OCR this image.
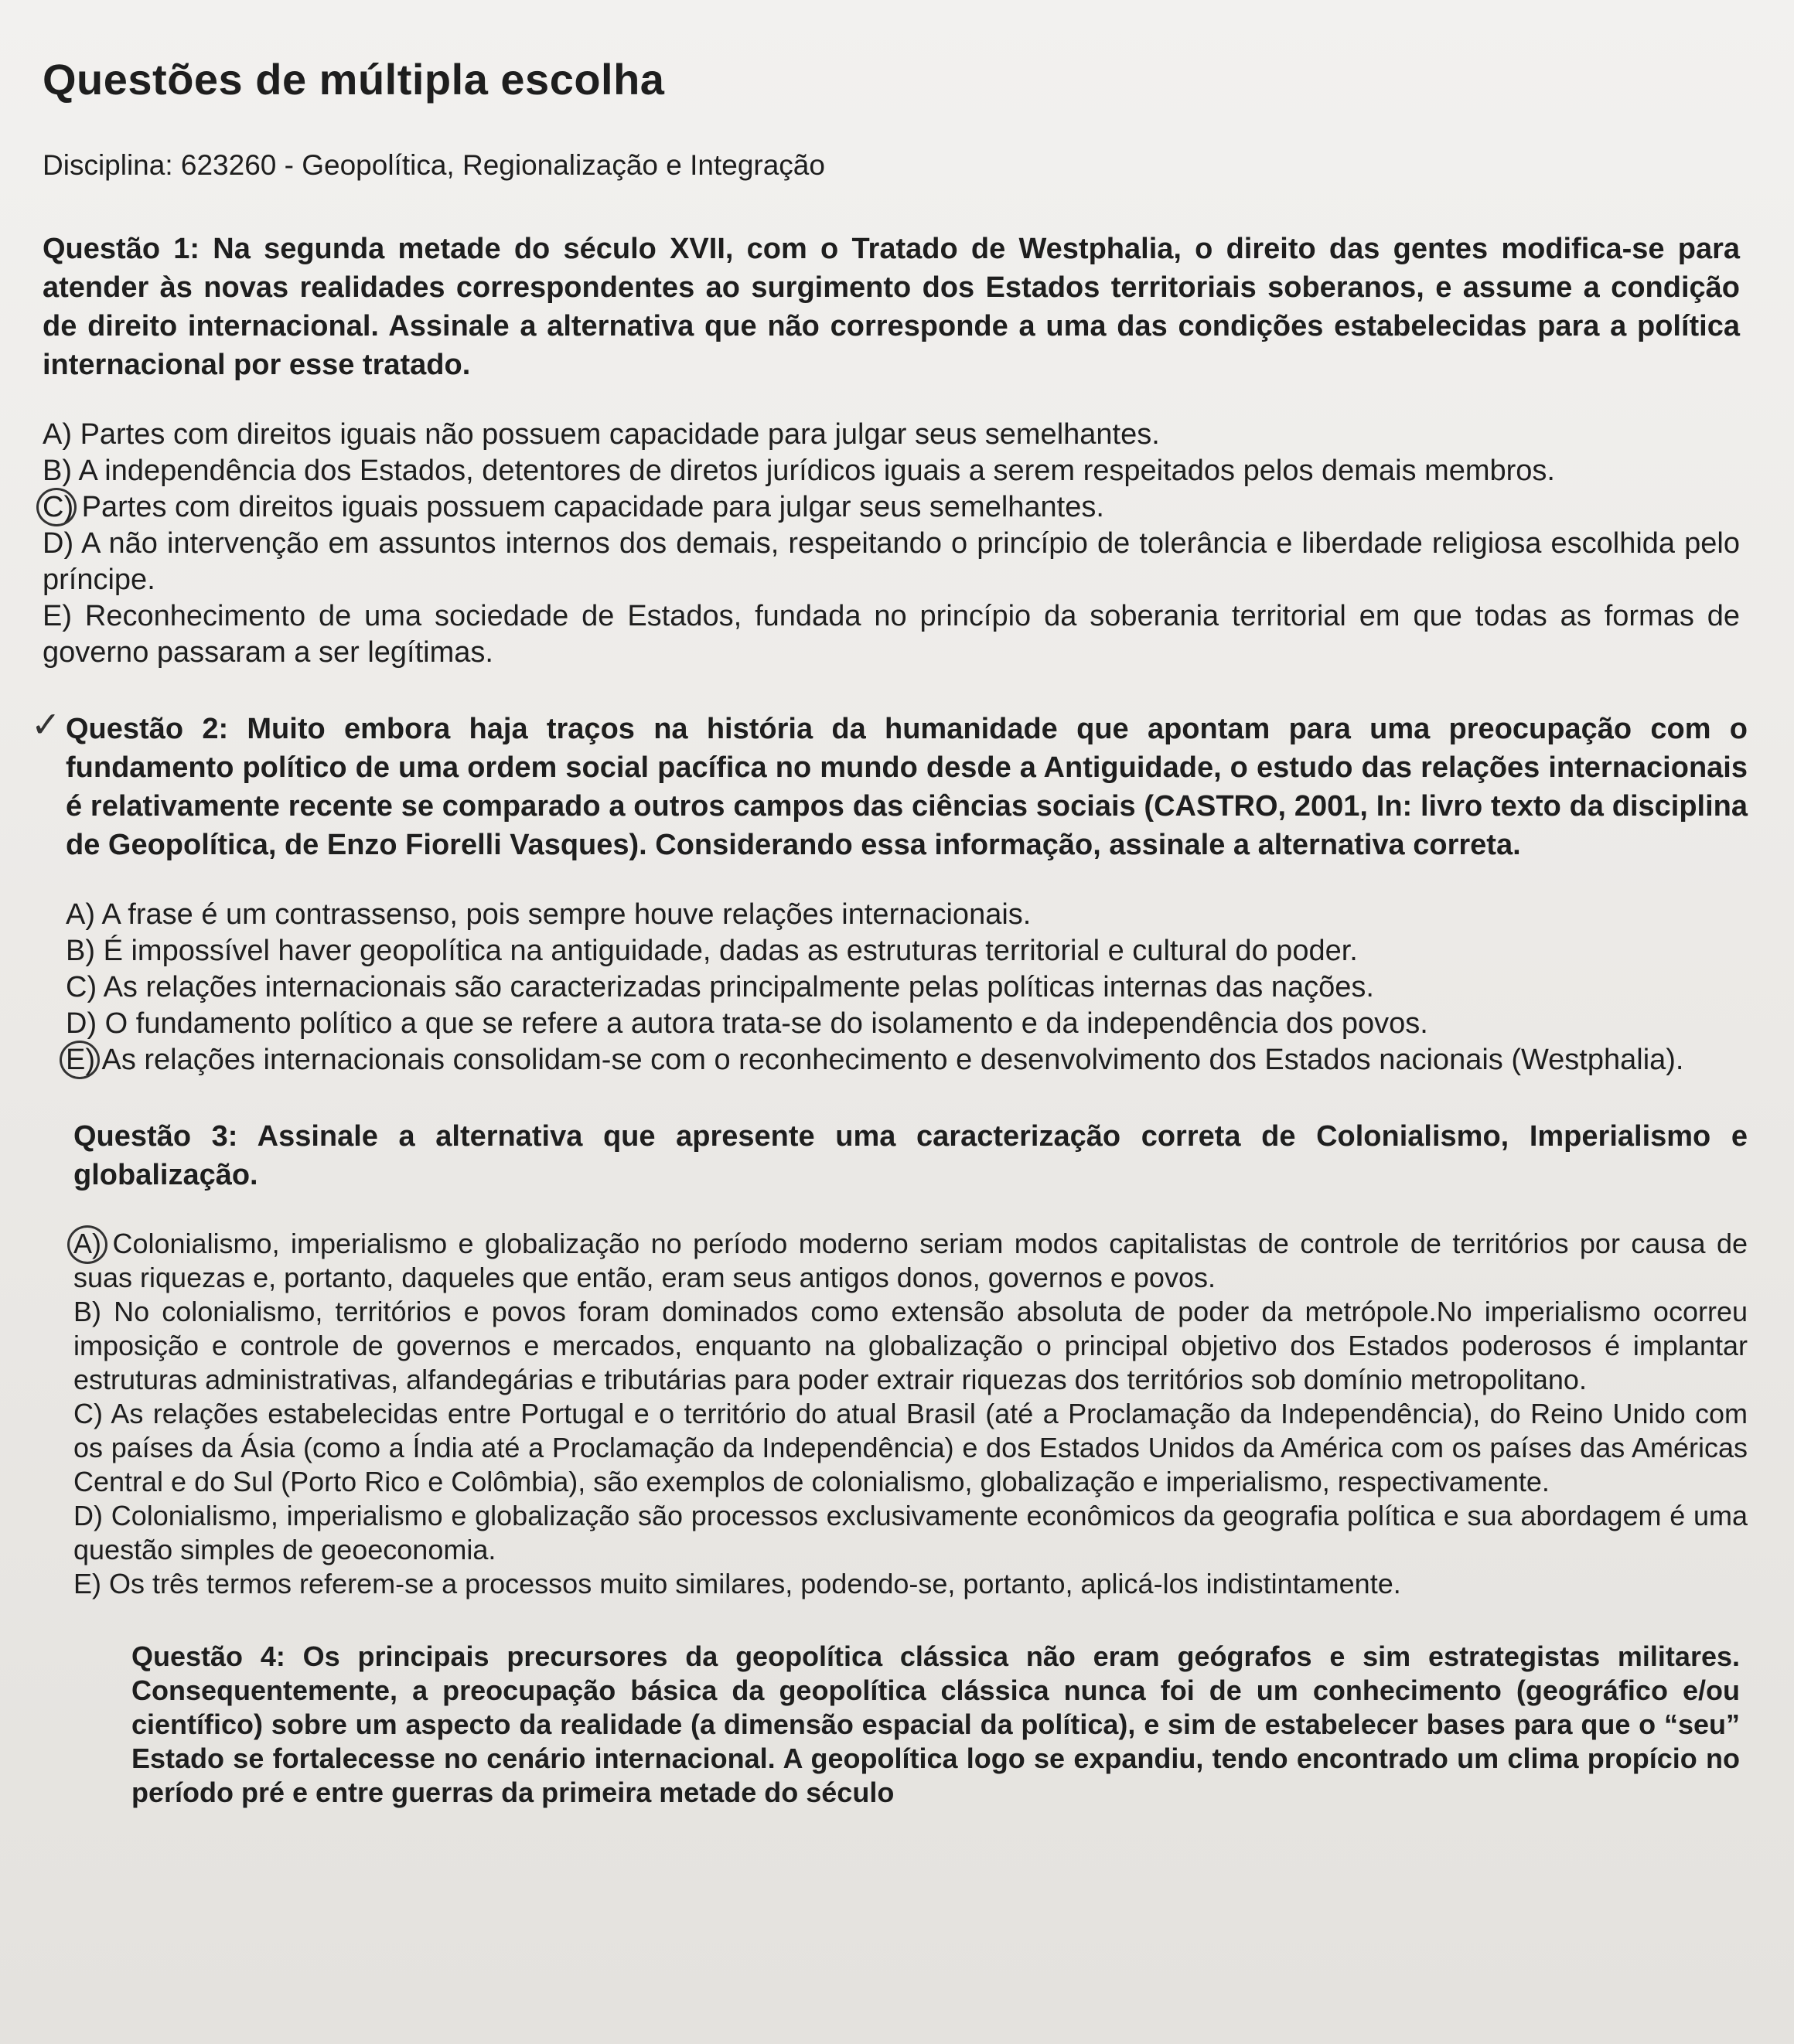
Questões de múltipla escolha

Disciplina: 623260 - Geopolítica, Regionalização e Integração

Questão 1: Na segunda metade do século XVII, com o Tratado de Westphalia, o direito das gentes modifica-se para atender às novas realidades correspondentes ao surgimento dos Estados territoriais soberanos, e assume a condição de direito internacional. Assinale a alternativa que não corresponde a uma das condições estabelecidas para a política internacional por esse tratado.

A) Partes com direitos iguais não possuem capacidade para julgar seus semelhantes.
B) A independência dos Estados, detentores de diretos jurídicos iguais a serem respeitados pelos demais membros.
C) Partes com direitos iguais possuem capacidade para julgar seus semelhantes.
D) A não intervenção em assuntos internos dos demais, respeitando o princípio de tolerância e liberdade religiosa escolhida pelo príncipe.
E) Reconhecimento de uma sociedade de Estados, fundada no princípio da soberania territorial em que todas as formas de governo passaram a ser legítimas.
✓ Questão 2: Muito embora haja traços na história da humanidade que apontam para uma preocupação com o fundamento político de uma ordem social pacífica no mundo desde a Antiguidade, o estudo das relações internacionais é relativamente recente se comparado a outros campos das ciências sociais (CASTRO, 2001, In: livro texto da disciplina de Geopolítica, de Enzo Fiorelli Vasques). Considerando essa informação, assinale a alternativa correta.

A) A frase é um contrassenso, pois sempre houve relações internacionais.
B) É impossível haver geopolítica na antiguidade, dadas as estruturas territorial e cultural do poder.
C) As relações internacionais são caracterizadas principalmente pelas políticas internas das nações.
D) O fundamento político a que se refere a autora trata-se do isolamento e da independência dos povos.
E) As relações internacionais consolidam-se com o reconhecimento e desenvolvimento dos Estados nacionais (Westphalia).

Questão 3: Assinale a alternativa que apresente uma caracterização correta de Colonialismo, Imperialismo e globalização.

A) Colonialismo, imperialismo e globalização no período moderno seriam modos capitalistas de controle de territórios por causa de suas riquezas e, portanto, daqueles que então, eram seus antigos donos, governos e povos.
B) No colonialismo, territórios e povos foram dominados como extensão absoluta de poder da metrópole.No imperialismo ocorreu imposição e controle de governos e mercados, enquanto na globalização o principal objetivo dos Estados poderosos é implantar estruturas administrativas, alfandegárias e tributárias para poder extrair riquezas dos territórios sob domínio metropolitano.
C) As relações estabelecidas entre Portugal e o território do atual Brasil (até a Proclamação da Independência), do Reino Unido com os países da Ásia (como a Índia até a Proclamação da Independência) e dos Estados Unidos da América com os países das Américas Central e do Sul (Porto Rico e Colômbia), são exemplos de colonialismo, globalização e imperialismo, respectivamente.
D) Colonialismo, imperialismo e globalização são processos exclusivamente econômicos da geografia política e sua abordagem é uma questão simples de geoeconomia.
E) Os três termos referem-se a processos muito similares, podendo-se, portanto, aplicá-los indistintamente.

Questão 4: Os principais precursores da geopolítica clássica não eram geógrafos e sim estrategistas militares. Consequentemente, a preocupação básica da geopolítica clássica nunca foi de um conhecimento (geográfico e/ou científico) sobre um aspecto da realidade (a dimensão espacial da política), e sim de estabelecer bases para que o “seu” Estado se fortalecesse no cenário internacional. A geopolítica logo se expandiu, tendo encontrado um clima propício no período pré e entre guerras da primeira metade do século
